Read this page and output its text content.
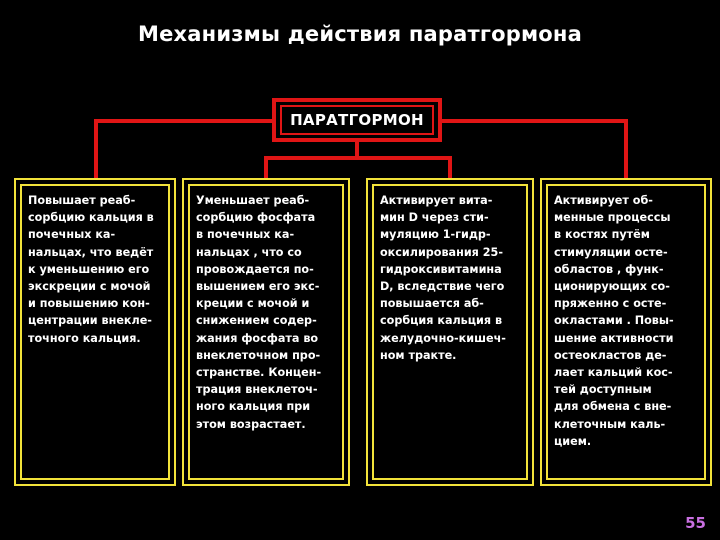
Механизмы действия паратгормона
ПАРАТГОРМОН
Повышает реаб-
сорбцию кальция в
почечных ка-
нальцах, что ведёт
к уменьшению его
экскреции с мочой
и повышению кон-
центрации внекле-
точного кальция.
Уменьшает реаб-
сорбцию фосфата
в почечных ка-
нальцах , что со
провождается по-
вышением его экс-
креции с мочой и
снижением содер-
жания фосфата во
внеклеточном про-
странстве. Концен-
трация внеклеточ-
ного кальция при
этом возрастает.
Активирует вита-
мин D через сти-
муляцию 1-гидр-
оксилирования 25-
гидроксивитамина
D, вследствие чего
повышается аб-
сорбция кальция в
желудочно-кишеч-
ном тракте.
Активирует об-
менные процессы
в костях путём
стимуляции осте-
областов , функ-
ционирующих со-
пряженно с осте-
окластами . Повы-
шение активности
остеокластов де-
лает кальций кос-
тей доступным
для обмена с вне-
клеточным каль-
цием.
55
